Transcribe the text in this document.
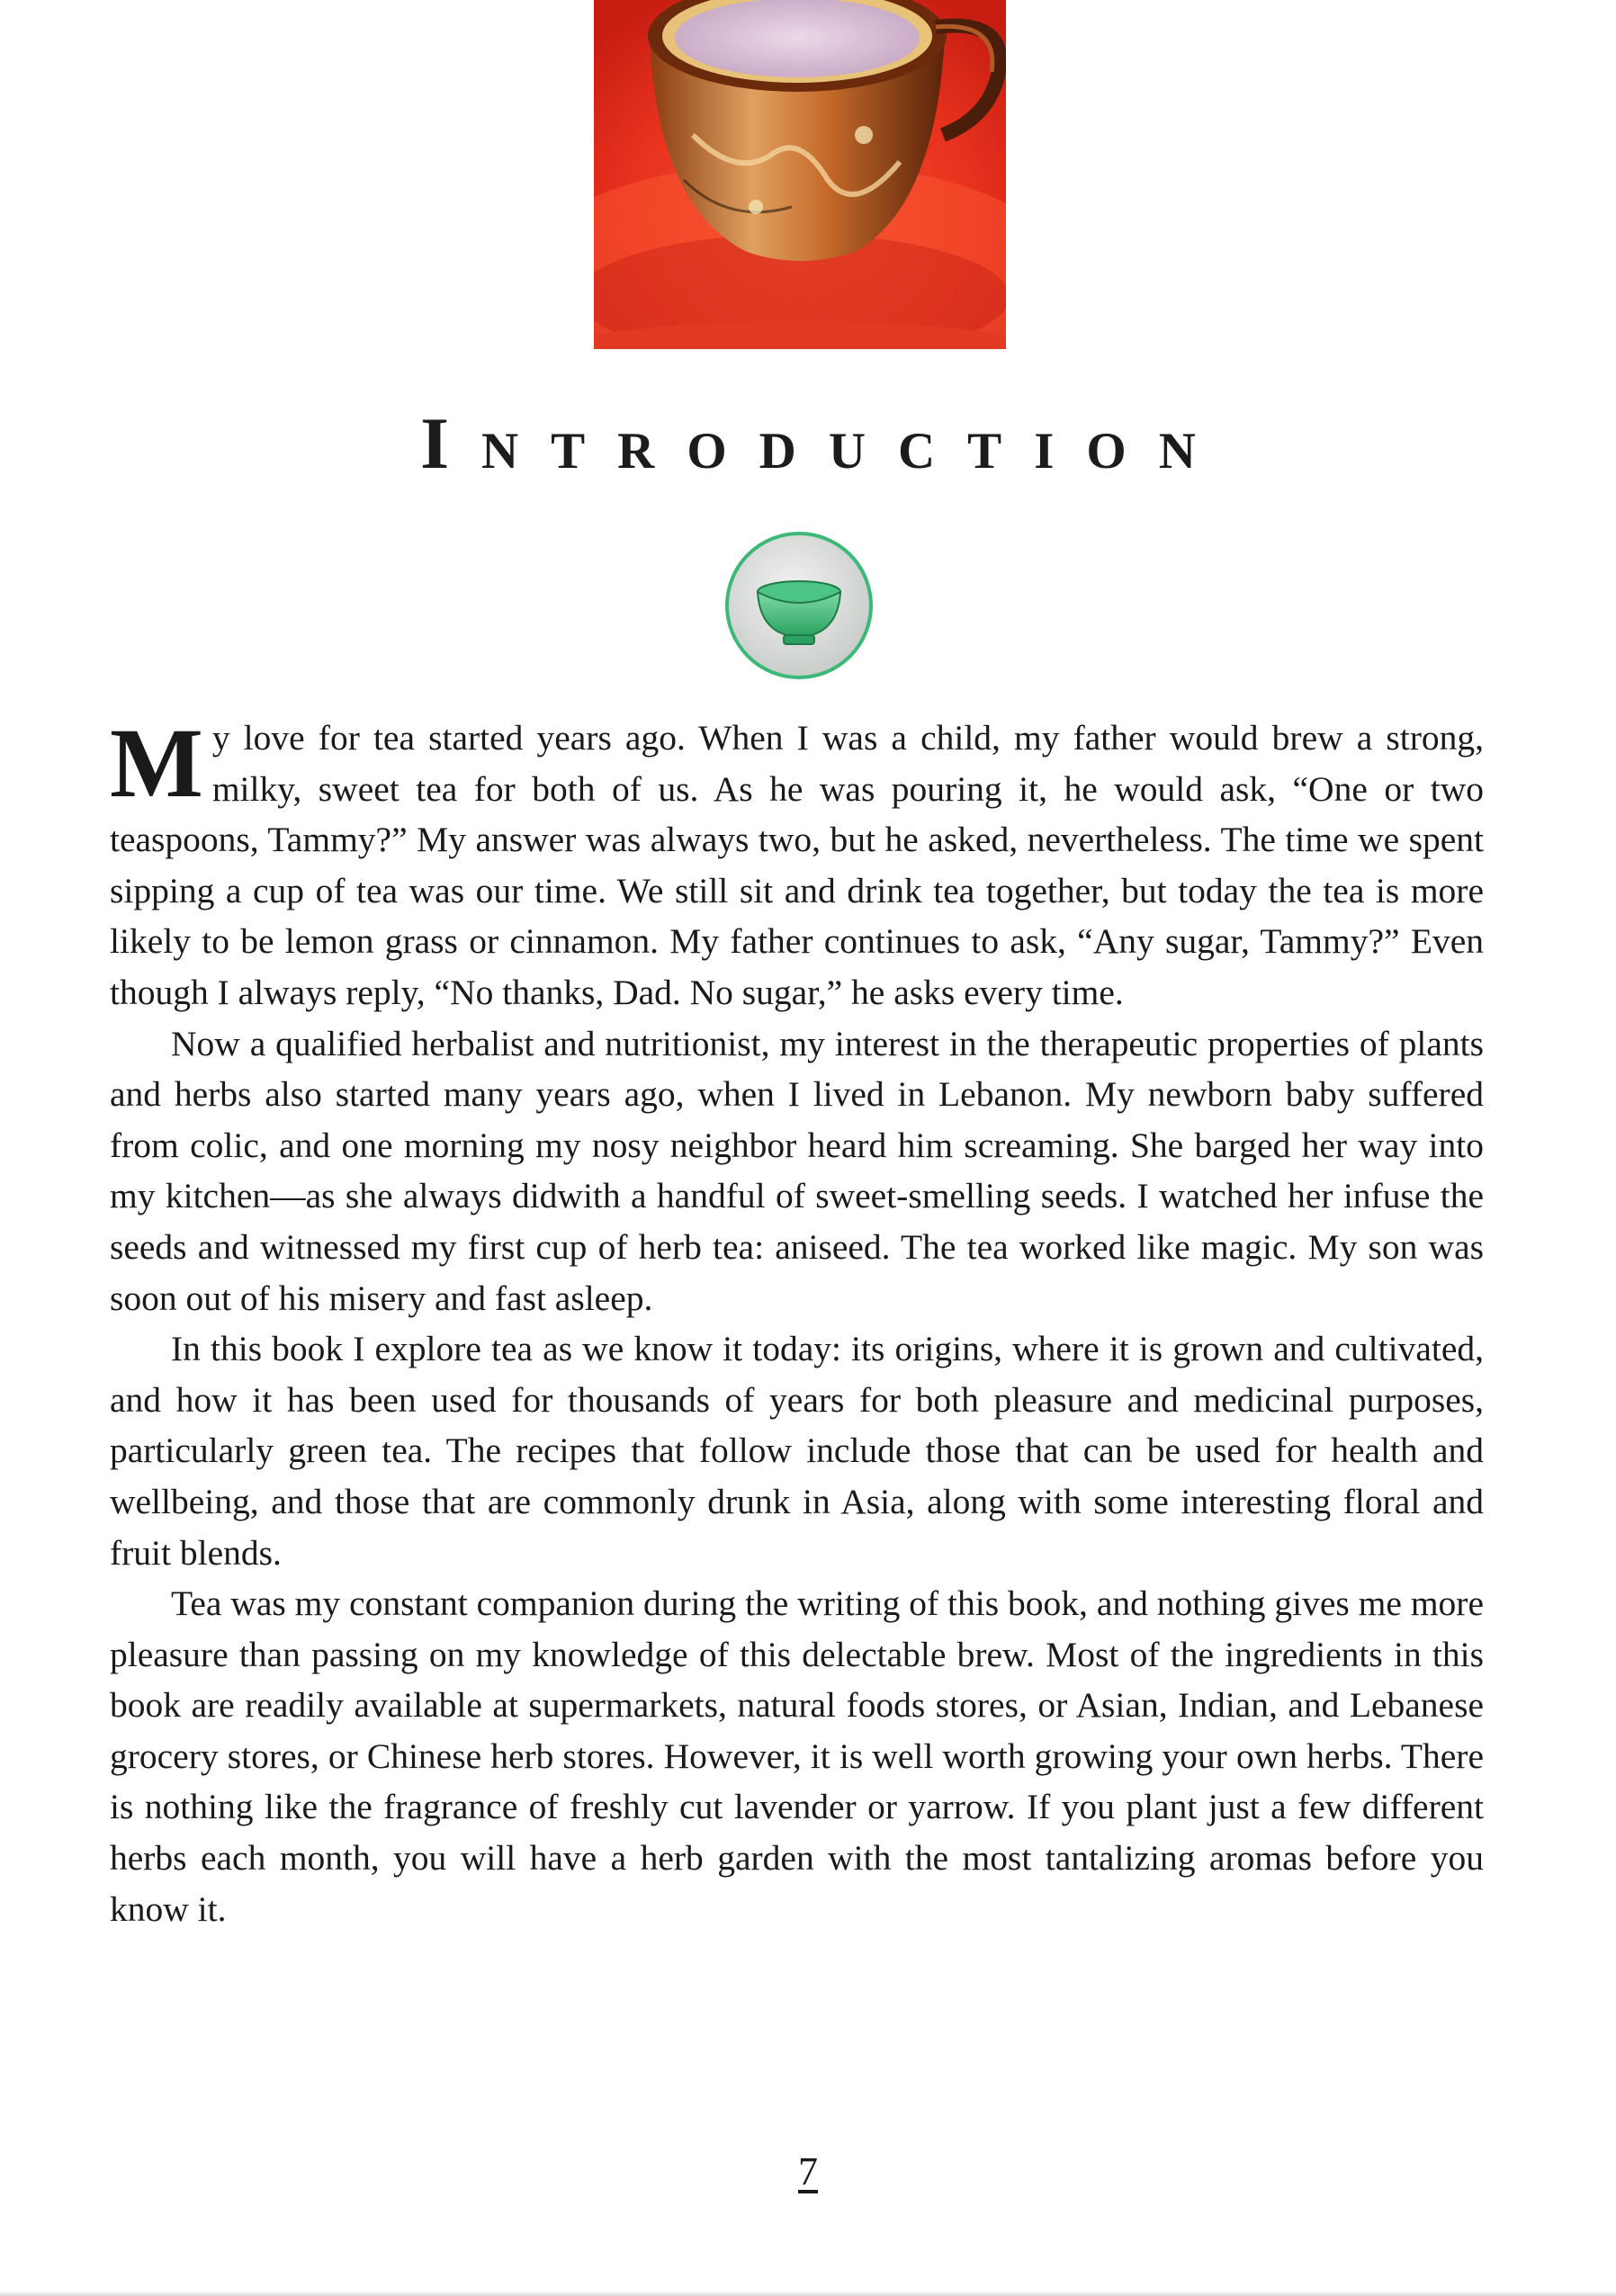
Introduction

My love for tea started years ago. When I was a child, my father would brew a strong, milky, sweet tea for both of us. As he was pouring it, he would ask, “One or two teaspoons, Tammy?” My answer was always two, but he asked, nevertheless. The time we spent sipping a cup of tea was our time. We still sit and drink tea together, but today the tea is more likely to be lemon grass or cinnamon. My father continues to ask, “Any sugar, Tammy?” Even though I always reply, “No thanks, Dad. No sugar,” he asks every time.

Now a qualified herbalist and nutritionist, my interest in the therapeutic properties of plants and herbs also started many years ago, when I lived in Lebanon. My newborn baby suffered from colic, and one morning my nosy neighbor heard him screaming. She barged her way into my kitchen—as she always didwith a handful of sweet-smelling seeds. I watched her infuse the seeds and witnessed my first cup of herb tea: aniseed. The tea worked like magic. My son was soon out of his misery and fast asleep.

In this book I explore tea as we know it today: its origins, where it is grown and cultivated, and how it has been used for thousands of years for both pleasure and medicinal purposes, particularly green tea. The recipes that follow include those that can be used for health and wellbeing, and those that are commonly drunk in Asia, along with some interesting floral and fruit blends.

Tea was my constant companion during the writing of this book, and nothing gives me more pleasure than passing on my knowledge of this delectable brew. Most of the ingredients in this book are readily available at supermarkets, natural foods stores, or Asian, Indian, and Lebanese grocery stores, or Chinese herb stores. However, it is well worth growing your own herbs. There is nothing like the fragrance of freshly cut lavender or yarrow. If you plant just a few different herbs each month, you will have a herb garden with the most tantalizing aromas before you know it.

7
